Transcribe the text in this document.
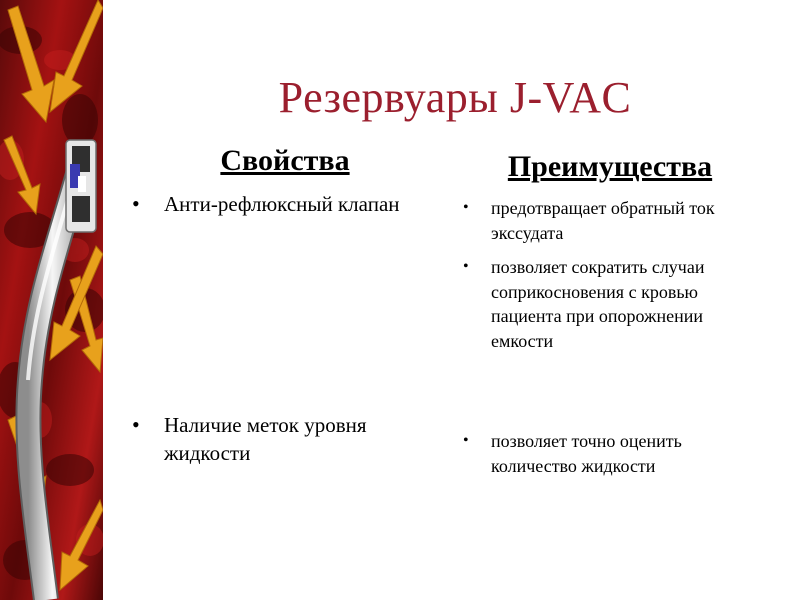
Резервуары J-VAC
Свойства	Преимущества
• Анти-рефлюксный клапан
• Наличие меток уровня жидкости
• предотвращает обратный ток экссудата
• позволяет сократить случаи соприкосновения с кровью пациента при опорожнении емкости
• позволяет точно оценить количество жидкости
